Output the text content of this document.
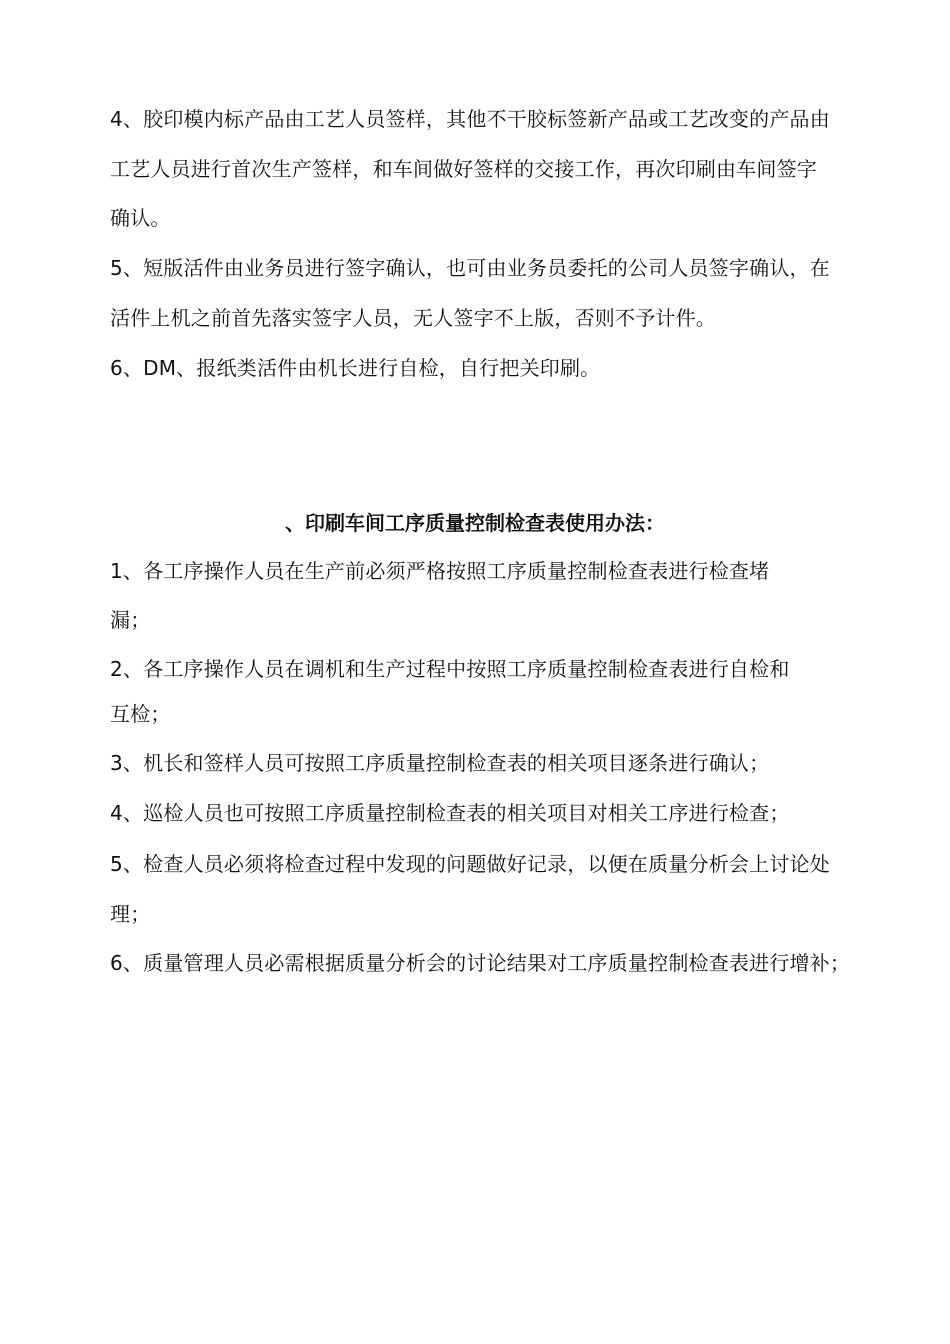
4、胶印模内标产品由工艺人员签样，其他不干胶标签新产品或工艺改变的产品由
工艺人员进行首次生产签样，和车间做好签样的交接工作，再次印刷由车间签字
确认。
5、短版活件由业务员进行签字确认，也可由业务员委托的公司人员签字确认，在
活件上机之前首先落实签字人员，无人签字不上版，否则不予计件。
6、DM、报纸类活件由机长进行自检，自行把关印刷。
、印刷车间工序质量控制检查表使用办法：
1、各工序操作人员在生产前必须严格按照工序质量控制检查表进行检查堵
漏；
2、各工序操作人员在调机和生产过程中按照工序质量控制检查表进行自检和
互检；
3、机长和签样人员可按照工序质量控制检查表的相关项目逐条进行确认；
4、巡检人员也可按照工序质量控制检查表的相关项目对相关工序进行检查；
5、检查人员必须将检查过程中发现的问题做好记录，以便在质量分析会上讨论处
理；
6、质量管理人员必需根据质量分析会的讨论结果对工序质量控制检查表进行增补；
